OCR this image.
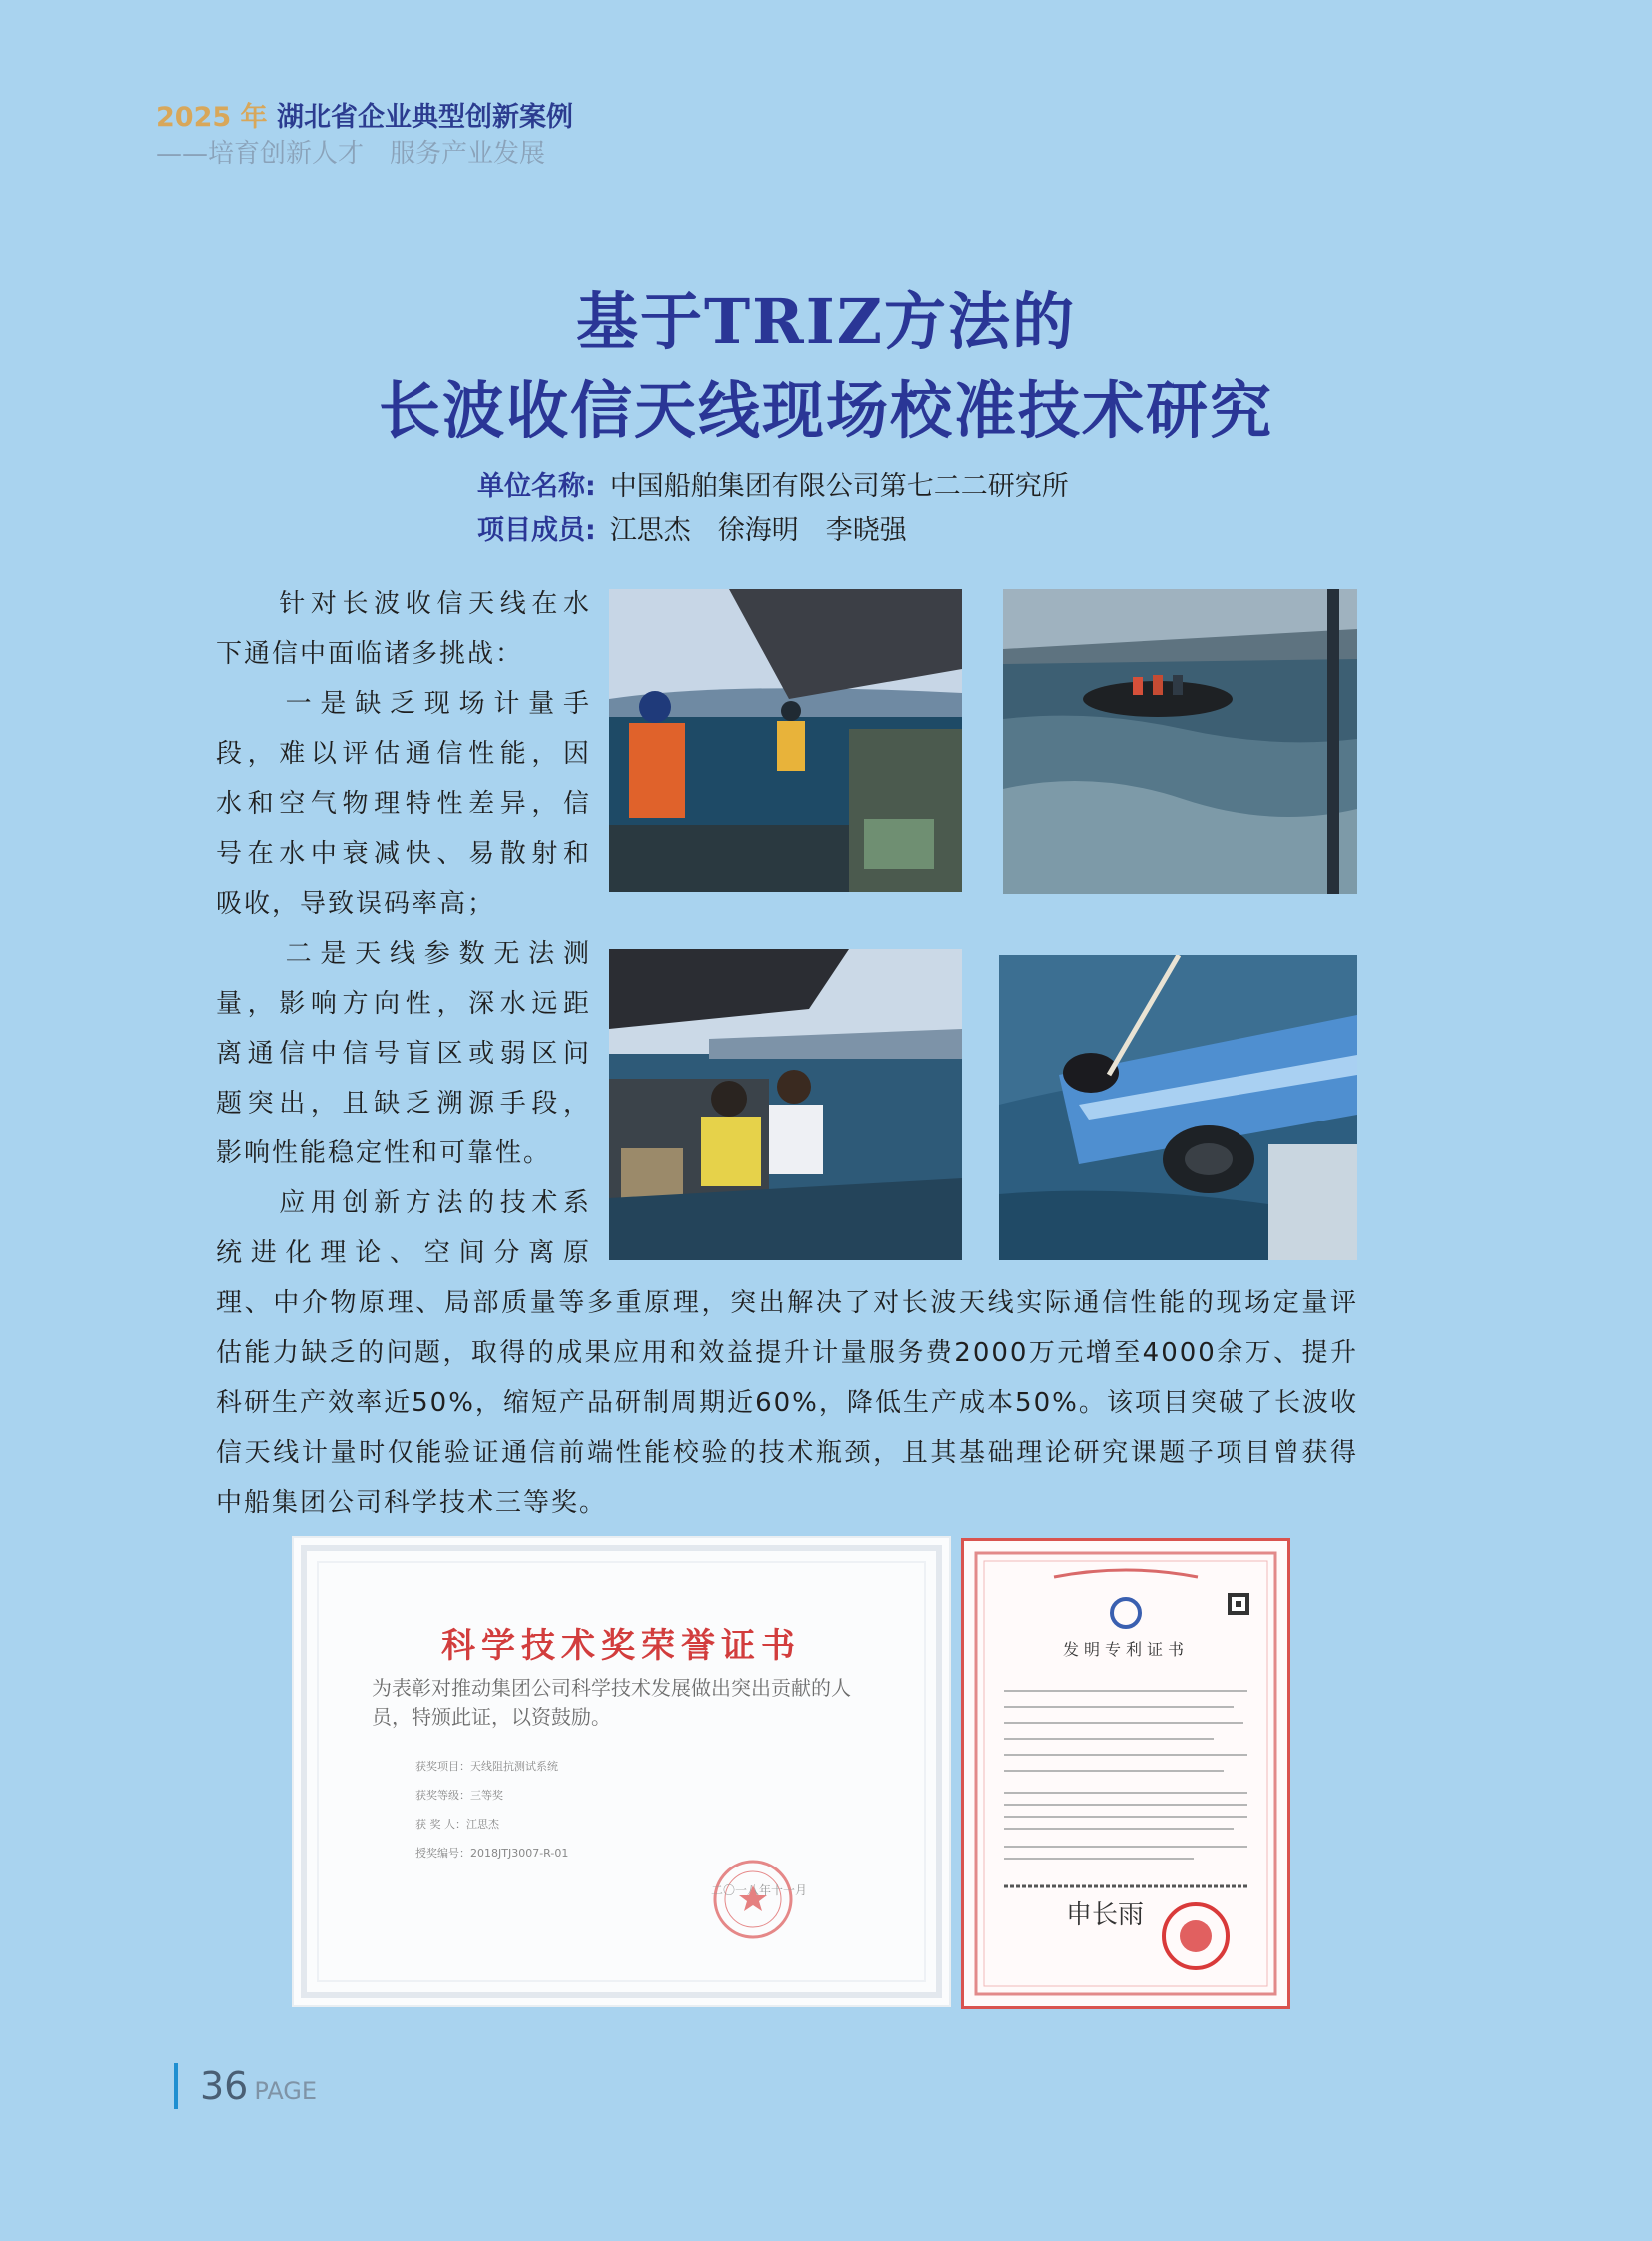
2025 年 湖北省企业典型创新案例
——培育创新人才　服务产业发展
基于TRIZ方法的
长波收信天线现场校准技术研究
单位名称: 中国船舶集团有限公司第七二二研究所
项目成员: 江思杰　徐海明　李晓强

　　针对长波收信天线在水

下通信中面临诸多挑战：

　　一是缺乏现场计量手

段，难以评估通信性能，因

水和空气物理特性差异，信

号在水中衰减快、易散射和

吸收，导致误码率高；

　　二是天线参数无法测

量，影响方向性，深水远距

离通信中信号盲区或弱区问

题突出，且缺乏溯源手段，

影响性能稳定性和可靠性。

　　应用创新方法的技术系

统进化理论、空间分离原

理、中介物原理、局部质量等多重原理，突出解决了对长波天线实际通信性能的现场定量评估能力缺乏的问题，取得的成果应用和效益提升计量服务费2000万元增至4000余万、提升科研生产效率近50%，缩短产品研制周期近60%，降低生产成本50%。该项目突破了长波收信天线计量时仅能验证通信前端性能校验的技术瓶颈，且其基础理论研究课题子项目曾获得中船集团公司科学技术三等奖。

科学技术奖荣誉证书
为表彰对推动集团公司科学技术发展做出突出贡献的人员，特颁此证，以资鼓励。
获奖项目：天线阻抗测试系统
获奖等级：三等奖
获 奖 人：江思杰
授奖编号：2018JTJ3007-R-01
二〇一八年十一月
发明专利证书
申长雨
36 PAGE
